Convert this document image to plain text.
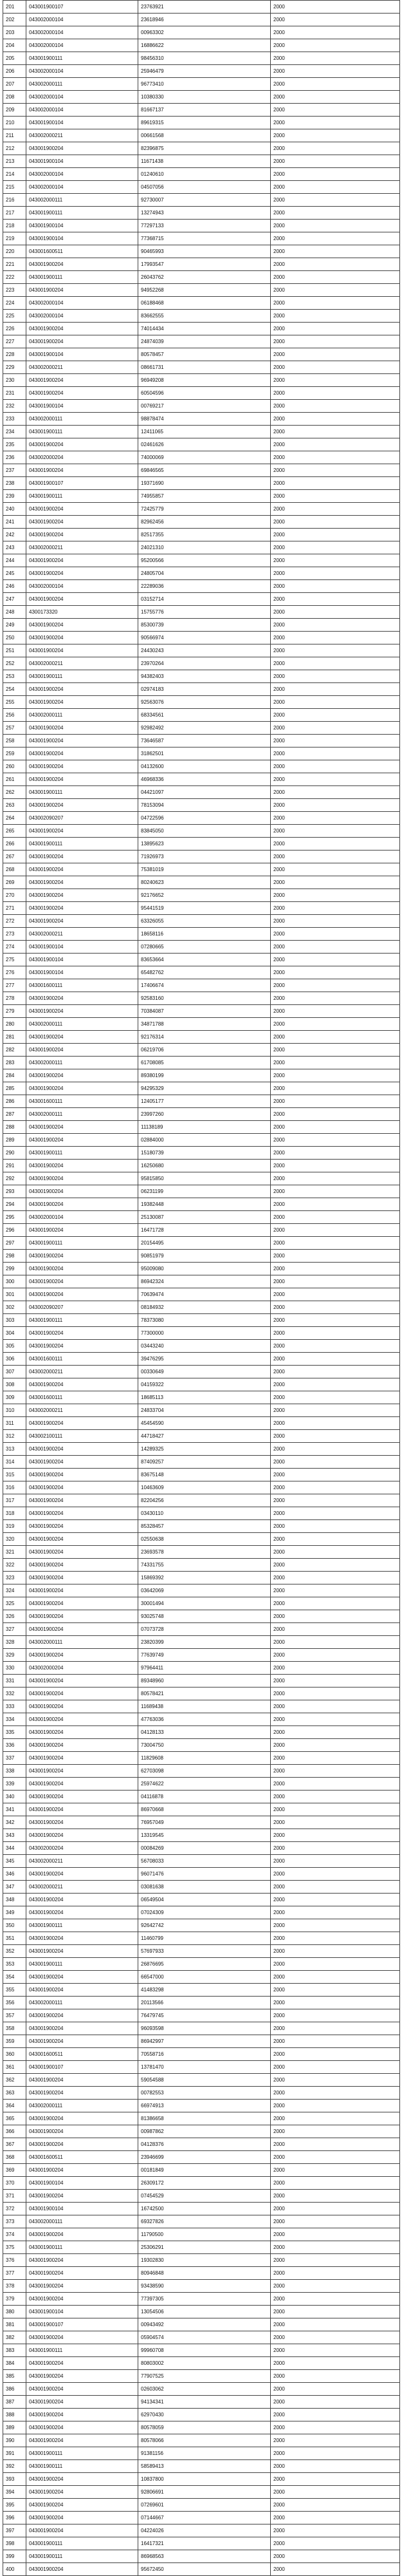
201	04300190010​7	23763921	2000
202	043002000104	23618946	2000
203	043002000104	00963302	2000
204	043002000104	16886622	2000
205	043001900111	98456310	2000
206	043002000104	25946479	2000
207	043002000111	96773410	2000
208	043002000104	10380330	2000
209	043002000104	81667137	2000
210	043001900104	89619315	2000
211	043002000211	00661568	2000
212	043001900204	82396875	2000
213	043001900104	11671438	2000
214	043002000104	01240610	2000
215	043002000104	04507056	2000
216	043002000111	92730007	2000
217	043001900111	13274943	2000
218	043001900104	77297133	2000
219	043001900104	77368715	2000
220	043001600511	90465993	2000
221	043001900204	17993547	2000
222	043001900111	26043762	2000
223	043001900204	94952268	2000
224	043002000104	06188468	2000
225	043002000104	83662555	2000
226	043001900204	74014434	2000
227	043001900204	24874039	2000
228	043001900104	80578457	2000
229	043002000211	08661731	2000
230	043001900204	96949208	2000
231	043001900204	60504596	2000
232	043001900104	00769217	2000
233	043002000111	98878474	2000
234	043001900111	12411065	2000
235	043001900204	02461626	2000
236	043002000204	74000069	2000
237	043001900204	69846565	2000
238	043001900107	19371690	2000
239	043001900111	74955857	2000
240	043001900204	72425779	2000
241	043001900204	82962456	2000
242	043001900204	82517355	2000
243	043002000211	24021310	2000
244	043001900204	95200566	2000
245	043001900204	24805704	2000
246	043002000104	22289036	2000
247	043001900204	03152714	2000
248	430017332​0	15755776	2000
249	043001900204	85300739	2000
250	043001900204	90566974	2000
251	043001900204	24430243	2000
252	043002000211	23970264	2000
253	043001900111	94382403	2000
254	043001900204	02974183	2000
255	043001900204	92563076	2000
256	043002000111	68334561	2000
257	043001900204	92982492	2000
258	043001900204	73646587	2000
259	043001900204	31862501	2000
260	043001900204	04132600	2000
261	043001900204	46968336	2000
262	043001900111	04421097	2000
263	043001900204	78153094	2000
264	043002090207	04722596	2000
265	043001900204	83845050	2000
266	043001900111	13895623	2000
267	043001900204	71926973	2000
268	043001900204	75381019	2000
269	043001900204	80240623	2000
270	043001900204	92176652	2000
271	043001900204	95441519	2000
272	043001900204	63326055	2000
273	043002000211	18658116	2000
274	043001900104	07280665	2000
275	043001900104	83653664	2000
276	043001900104	65482762	2000
277	043001600111	17406674	2000
278	043001900204	92583160	2000
279	043001900204	70384087	2000
280	043002000111	34871788	2000
281	043001900204	92176314	2000
282	043001900204	06219706	2000
283	043002000111	61708085	2000
284	043001900204	89380199	2000
285	043001900204	94295329	2000
286	043001600111	12405177	2000
287	043002000111	23997260	2000
288	043001900204	11138189	2000
289	043001900204	02884000	2000
290	043001900111	15180739	2000
291	043001900204	16250680	2000
292	043001900204	95815850	2000
293	043001900204	06231199	2000
294	043001900204	19382448	2000
295	043002000104	25130087	2000
296	043001900204	16471728	2000
297	043001900111	20154495	2000
298	043001900204	90851979	2000
299	043001900204	95009080	2000
300	043001900204	86942324	2000
301	043001900204	70639474	2000
302	043002090207	08184932	2000
303	043001900111	78373080	2000
304	043001900204	77300000	2000
305	043001900204	03443240	2000
306	043001600111	39476295	2000
307	043002000211	00330649	2000
308	043001900204	04159322	2000
309	043001600111	18685113	2000
310	043002000211	24833704	2000
311	043001900204	45454590	2000
312	043002100111	44718427	2000
313	043001900204	14289325	2000
314	043001900204	87409257	2000
315	043001900204	83675148	2000
316	043001900204	10463609	2000
317	043001900204	82204256	2000
318	043001900204	03430110	2000
319	043001900204	85328457	2000
320	043001900204	02550638	2000
321	043001900204	23693578	2000
322	043001900204	74331755	2000
323	043001900204	15869392	2000
324	043001900204	03642069	2000
325	043001900204	30001494	2000
326	043001900204	93025748	2000
327	043001900204	07073728	2000
328	043002000111	23820399	2000
329	043001900204	77639749	2000
330	043002000204	97964411	2000
331	043001900204	89348960	2000
332	043001900204	80578421	2000
333	043001900204	11689438	2000
334	043001900204	47763036	2000
335	043001900204	04128133	2000
336	043001900204	73004750	2000
337	043001900204	11829608	2000
338	043001900204	62703098	2000
339	043001900204	25974622	2000
340	043001900204	04116878	2000
341	043001900204	86970668	2000
342	043001900204	76957049	2000
343	043001900204	13319545	2000
344	043002000204	00084269	2000
345	043002000211	56708033	2000
346	043001900204	96071476	2000
347	043002000211	03081638	2000
348	043001900204	06549504	2000
349	043001900204	07024309	2000
350	043001900111	92642742	2000
351	043001900204	11460799	2000
352	043001900204	57697933	2000
353	043001900111	26876695	2000
354	043001900204	66547000	2000
355	043001900204	41483298	2000
356	043002000111	20113566	2000
357	043001900204	76479745	2000
358	043001900204	96093598	2000
359	043001900204	86942997	2000
360	043001600511	70558716	2000
361	043001900107	13781470	2000
362	043001900204	59054588	2000
363	043001900204	00782553	2000
364	043002000111	66974913	2000
365	043001900204	81386658	2000
366	043001900204	00987862	2000
367	043001900204	04128376	2000
368	043001600511	23946699	2000
369	043001900204	00181849	2000
370	043001900104	26309172	2000
371	043001900204	07454529	2000
372	043001900104	16742500	2000
373	043002000111	69327826	2000
374	043001900204	11790500	2000
375	043001900111	25306291	2000
376	043001900204	19302830	2000
377	043001900204	80946848	2000
378	043001900204	93438590	2000
379	043001900204	77397305	2000
380	043001900104	13054506	2000
381	043001900107	00943492	2000
382	043001900204	05904574	2000
383	043001900111	99960708	2000
384	043001900204	80803002	2000
385	043001900204	77907525	2000
386	043001900204	02603062	2000
387	043001900204	94134341	2000
388	043001900204	62970430	2000
389	043001900204	80578059	2000
390	043001900204	80578066	2000
391	043001900111	91381156	2000
392	043001900111	58589413	2000
393	043001900204	10837800	2000
394	043001900204	92806691	2000
395	043001900204	07269601	2000
396	043001900204	07144667	2000
397	043001900204	04224026	2000
398	043001900111	16417321	2000
399	043001900111	86968563	2000
400	043001900204	95672450	2000
